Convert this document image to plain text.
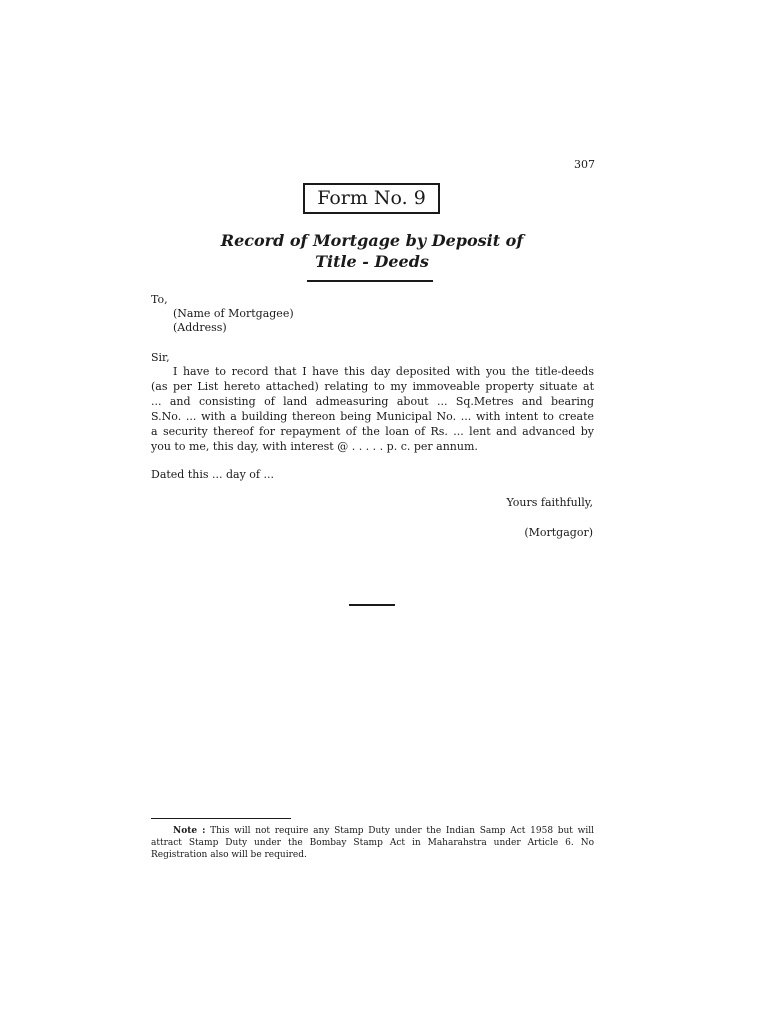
307
Form No. 9
Record of Mortgage by Deposit of
Title - Deeds
To,
(Name of Mortgagee)
(Address)
Sir,
I have to record that I have this day deposited with you the title-deeds
(as per List hereto attached) relating to my immoveable property situate at
... and consisting of land admeasuring about ... Sq.Metres and bearing
S.No. ... with a building thereon being Municipal No. ... with intent to create
a security thereof for repayment of the loan of Rs. ... lent and advanced by
you to me, this day, with interest @ . . . . . p. c. per annum.
Dated this ... day of ...
Yours faithfully,
(Mortgagor)
Note : This will not require any Stamp Duty under the Indian Samp Act 1958 but will
attract Stamp Duty under the Bombay Stamp Act in Maharahstra under Article 6. No
Registration also will be required.
